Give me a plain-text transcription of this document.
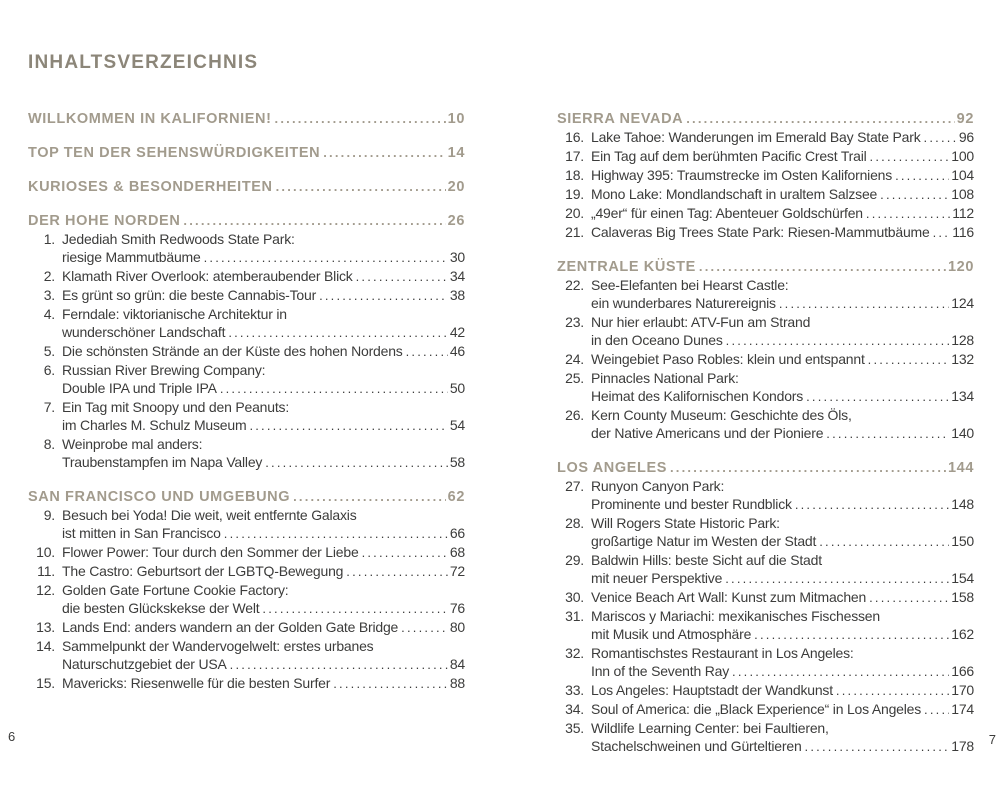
INHALTSVERZEICHNIS
WILLKOMMEN IN KALIFORNIEN! .....	10
TOP TEN DER SEHENSWÜRDIGKEITEN .....	14
KURIOSES & BESONDERHEITEN .....	20
DER HOHE NORDEN .....	26
1. Jedediah Smith Redwoods State Park:
riesige Mammutbäume .....	30
2. Klamath River Overlook: atemberaubender Blick .....	34
3. Es grünt so grün: die beste Cannabis-Tour .....	38
4. Ferndale: viktorianische Architektur in
wunderschöner Landschaft .....	42
5. Die schönsten Strände an der Küste des hohen Nordens .....	46
6. Russian River Brewing Company:
Double IPA und Triple IPA .....	50
7. Ein Tag mit Snoopy und den Peanuts:
im Charles M. Schulz Museum .....	54
8. Weinprobe mal anders:
Traubenstampfen im Napa Valley .....	58
SAN FRANCISCO UND UMGEBUNG .....	62
9. Besuch bei Yoda! Die weit, weit entfernte Galaxis
ist mitten in San Francisco .....	66
10. Flower Power: Tour durch den Sommer der Liebe .....	68
11. The Castro: Geburtsort der LGBTQ-Bewegung .....	72
12. Golden Gate Fortune Cookie Factory:
die besten Glückskekse der Welt .....	76
13. Lands End: anders wandern an der Golden Gate Bridge .....	80
14. Sammelpunkt der Wandervogelwelt: erstes urbanes
Naturschutzgebiet der USA .....	84
15. Mavericks: Riesenwelle für die besten Surfer .....	88
SIERRA NEVADA .....	92
16. Lake Tahoe: Wanderungen im Emerald Bay State Park .....	96
17. Ein Tag auf dem berühmten Pacific Crest Trail .....	100
18. Highway 395: Traumstrecke im Osten Kaliforniens .....	104
19. Mono Lake: Mondlandschaft in uraltem Salzsee .....	108
20. „49er“ für einen Tag: Abenteuer Goldschürfen .....	112
21. Calaveras Big Trees State Park: Riesen-Mammutbäume ..... 116
ZENTRALE KÜSTE .....	120
22. See-Elefanten bei Hearst Castle:
ein wunderbares Naturereignis .....	124
23. Nur hier erlaubt: ATV-Fun am Strand
in den Oceano Dunes .....	128
24. Weingebiet Paso Robles: klein und entspannt .....	132
25. Pinnacles National Park:
Heimat des Kalifornischen Kondors .....	134
26. Kern County Museum: Geschichte des Öls,
der Native Americans und der Pioniere .....	140
LOS ANGELES .....	144
27. Runyon Canyon Park:
Prominente und bester Rundblick .....	148
28. Will Rogers State Historic Park:
großartige Natur im Westen der Stadt .....	150
29. Baldwin Hills: beste Sicht auf die Stadt
mit neuer Perspektive .....	154
30. Venice Beach Art Wall: Kunst zum Mitmachen .....	158
31. Mariscos y Mariachi: mexikanisches Fischessen
mit Musik und Atmosphäre .....	162
32. Romantischstes Restaurant in Los Angeles:
Inn of the Seventh Ray .....	166
33. Los Angeles: Hauptstadt der Wandkunst .....	170
34. Soul of America: die „Black Experience“ in Los Angeles ..... 174
35. Wildlife Learning Center: bei Faultieren,
Stachelschweinen und Gürteltieren .....	178
6	7
